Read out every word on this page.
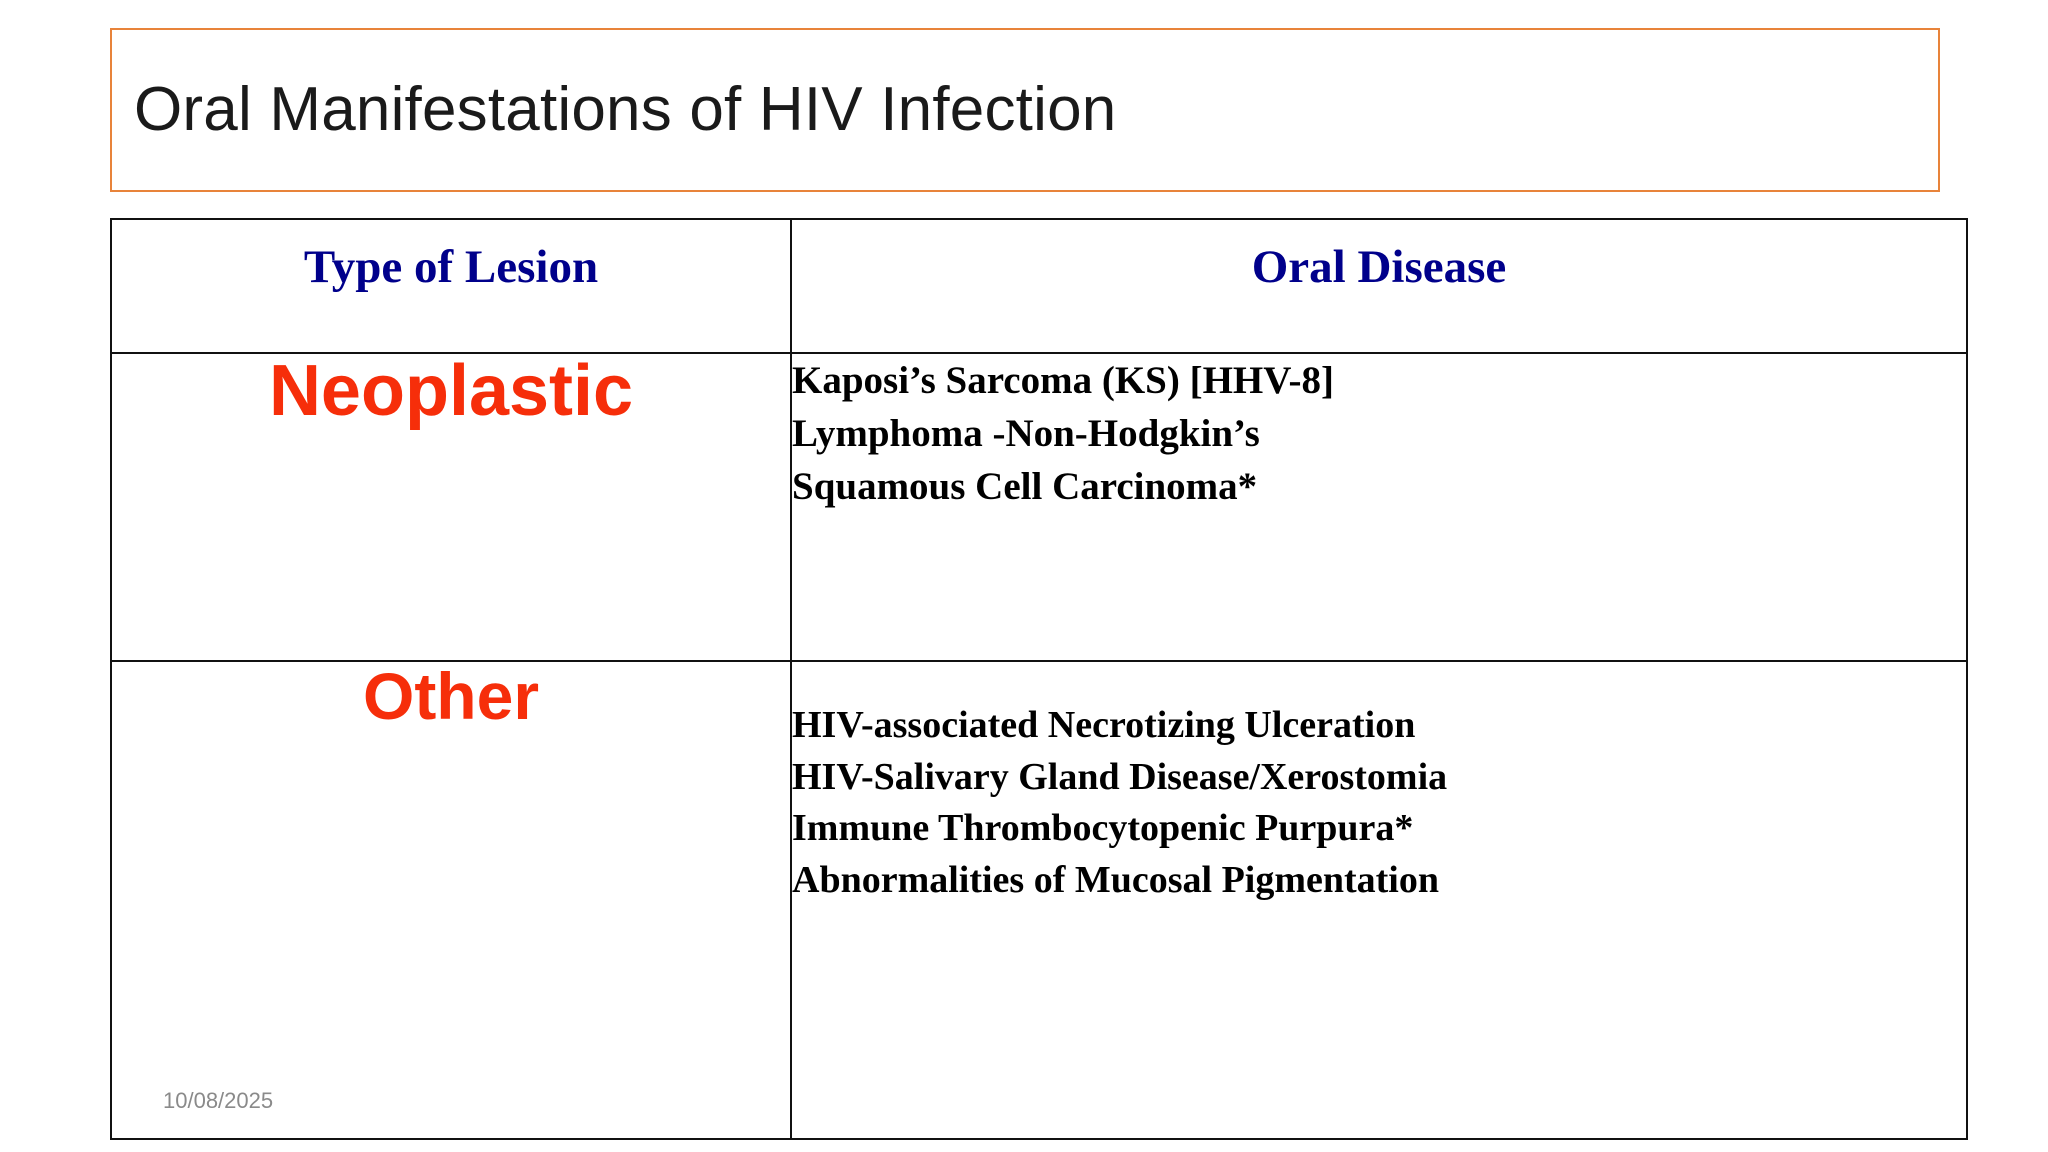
Oral Manifestations of HIV Infection
Type of Lesion	Oral Disease

Neoplastic	Kaposi’s Sarcoma (KS) [HHV-8]
Lymphoma -Non-Hodgkin’s
Squamous Cell Carcinoma*

Other	HIV-associated Necrotizing Ulceration
HIV-Salivary Gland Disease/Xerostomia
Immune Thrombocytopenic Purpura*
Abnormalities of Mucosal Pigmentation
10/08/2025
